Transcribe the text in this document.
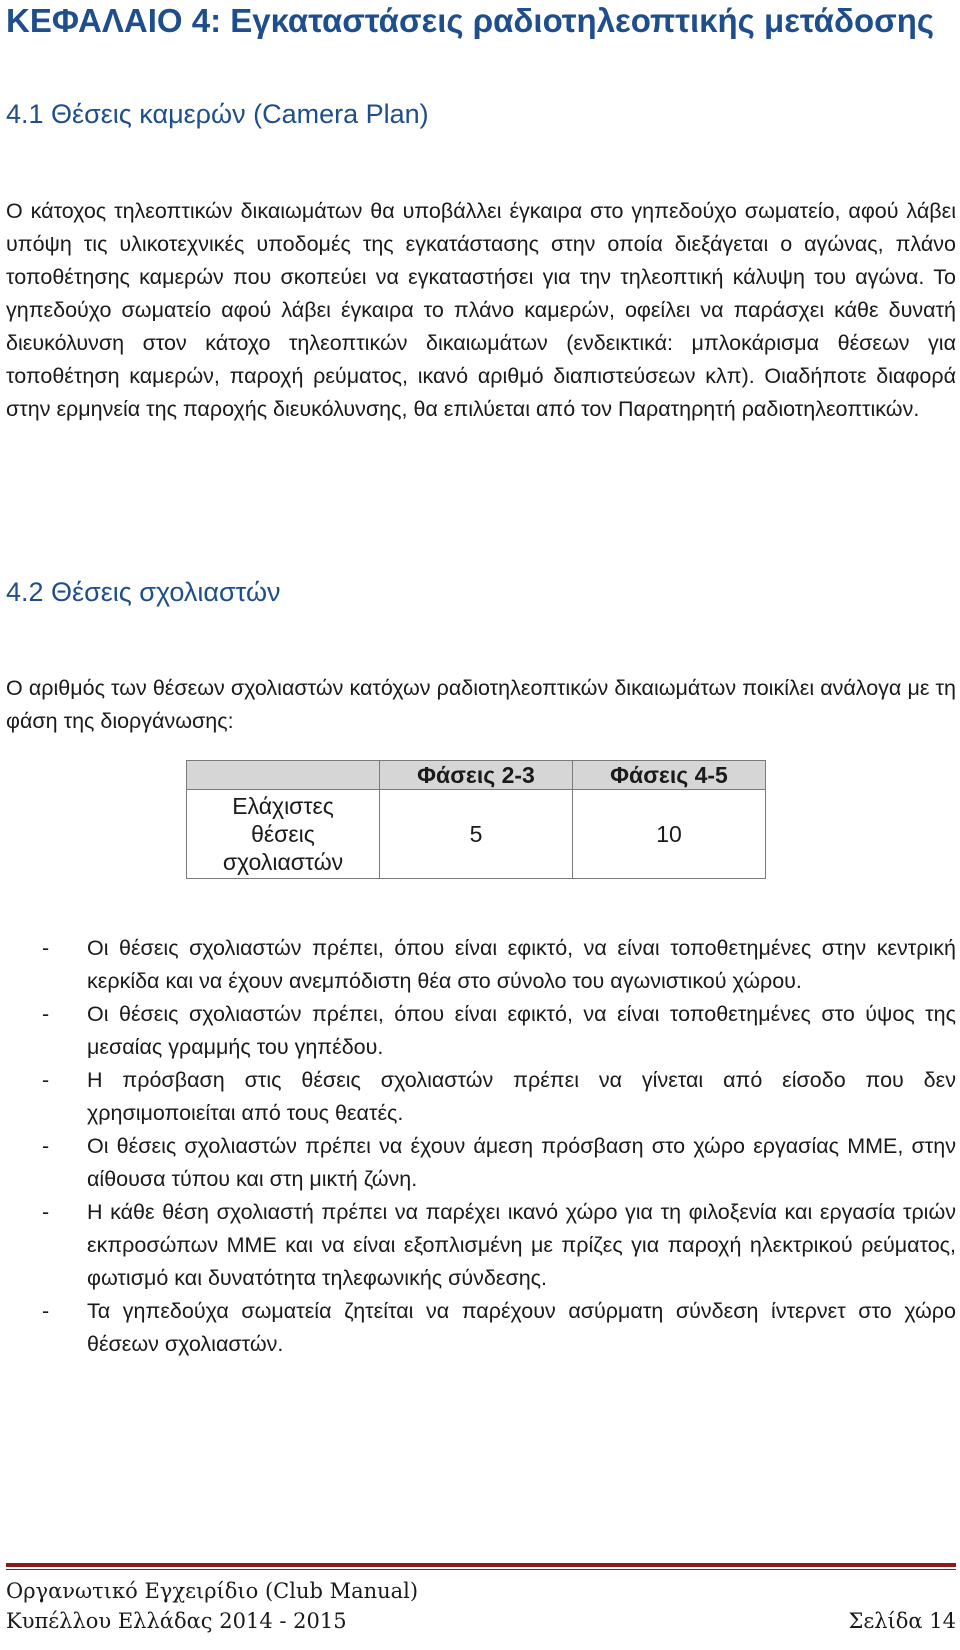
ΚΕΦΑΛΑΙΟ 4: Εγκαταστάσεις ραδιοτηλεοπτικής μετάδοσης
4.1 Θέσεις καμερών (Camera Plan)

Ο κάτοχος τηλεοπτικών δικαιωμάτων θα υποβάλλει έγκαιρα στο γηπεδούχο σωματείο, αφού λάβει υπόψη τις υλικοτεχνικές υποδομές της εγκατάστασης στην οποία διεξάγεται ο αγώνας, πλάνο τοποθέτησης καμερών που σκοπεύει να εγκαταστήσει για την τηλεοπτική κάλυψη του αγώνα. Το γηπεδούχο σωματείο αφού λάβει έγκαιρα το πλάνο καμερών, οφείλει να παράσχει κάθε δυνατή διευκόλυνση στον κάτοχο τηλεοπτικών δικαιωμάτων (ενδεικτικά: μπλοκάρισμα θέσεων για τοποθέτηση καμερών, παροχή ρεύματος, ικανό αριθμό διαπιστεύσεων κλπ). Οιαδήποτε διαφορά στην ερμηνεία της παροχής διευκόλυνσης, θα επιλύεται από τον Παρατηρητή ραδιοτηλεοπτικών.

4.2 Θέσεις σχολιαστών

Ο αριθμός των θέσεων σχολιαστών κατόχων ραδιοτηλεοπτικών δικαιωμάτων ποικίλει ανάλογα με τη φάση της διοργάνωσης:

	Φάσεις 2-3	Φάσεις 4-5

Ελάχιστες
θέσεις
σχολιαστών	5	10
- Οι θέσεις σχολιαστών πρέπει, όπου είναι εφικτό, να είναι τοποθετημένες στην κεντρική κερκίδα και να έχουν ανεμπόδιστη θέα στο σύνολο του αγωνιστικού χώρου.
- Οι θέσεις σχολιαστών πρέπει, όπου είναι εφικτό, να είναι τοποθετημένες στο ύψος της μεσαίας γραμμής του γηπέδου.
- Η πρόσβαση στις θέσεις σχολιαστών πρέπει να γίνεται από είσοδο που δεν χρησιμοποιείται από τους θεατές.
- Οι θέσεις σχολιαστών πρέπει να έχουν άμεση πρόσβαση στο χώρο εργασίας ΜΜΕ, στην αίθουσα τύπου και στη μικτή ζώνη.
- Η κάθε θέση σχολιαστή πρέπει να παρέχει ικανό χώρο για τη φιλοξενία και εργασία τριών εκπροσώπων ΜΜΕ και να είναι εξοπλισμένη με πρίζες για παροχή ηλεκτρικού ρεύματος, φωτισμό και δυνατότητα τηλεφωνικής σύνδεσης.
- Τα γηπεδούχα σωματεία ζητείται να παρέχουν ασύρματη σύνδεση ίντερνετ στο χώρο θέσεων σχολιαστών.
Οργανωτικό Εγχειρίδιο (Club Manual)
Κυπέλλου Ελλάδας 2014 - 2015	Σελίδα 14
